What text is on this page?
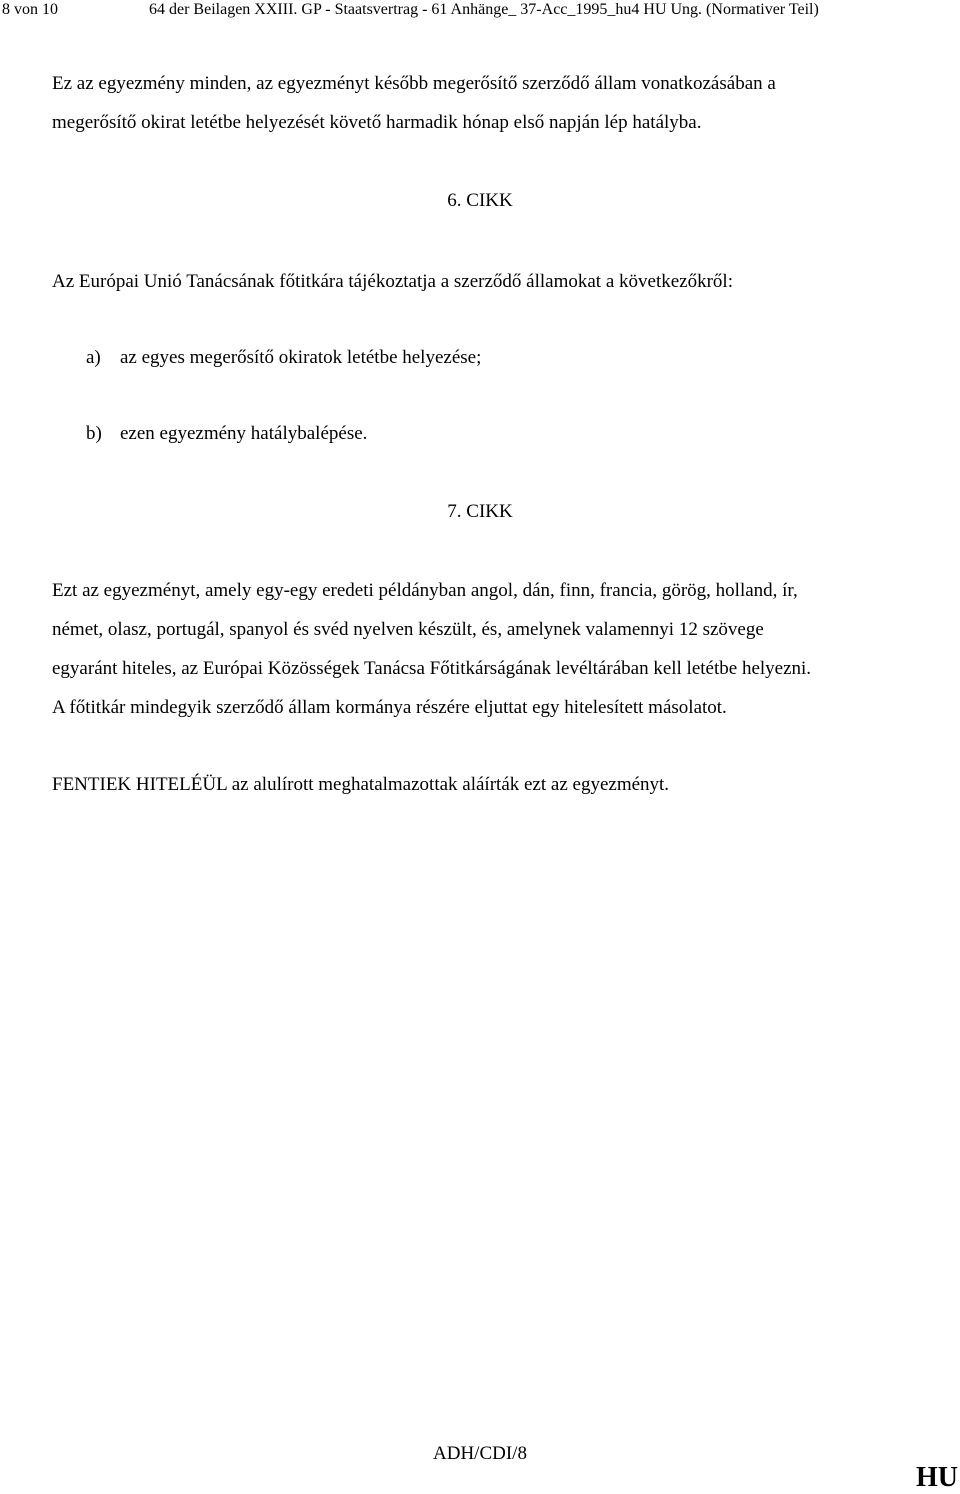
8 von 10	64 der Beilagen XXIII. GP - Staatsvertrag - 61 Anhänge_ 37-Acc_1995_hu4 HU Ung. (Normativer Teil)
Ez az egyezmény minden, az egyezményt később megerősítő szerződő állam vonatkozásában a
megerősítő okirat letétbe helyezését követő harmadik hónap első napján lép hatályba.
6. CIKK
Az Európai Unió Tanácsának főtitkára tájékoztatja a szerződő államokat a következőkről:
a) az egyes megerősítő okiratok letétbe helyezése;
b) ezen egyezmény hatálybalépése.
7. CIKK
Ezt az egyezményt, amely egy-egy eredeti példányban angol, dán, finn, francia, görög, holland, ír,
német, olasz, portugál, spanyol és svéd nyelven készült, és, amelynek valamennyi 12 szövege
egyaránt hiteles, az Európai Közösségek Tanácsa Főtitkárságának levéltárában kell letétbe helyezni.
A főtitkár mindegyik szerződő állam kormánya részére eljuttat egy hitelesített másolatot.
FENTIEK HITELÉÜL az alulírott meghatalmazottak aláírták ezt az egyezményt.
ADH/CDI/8
HU
